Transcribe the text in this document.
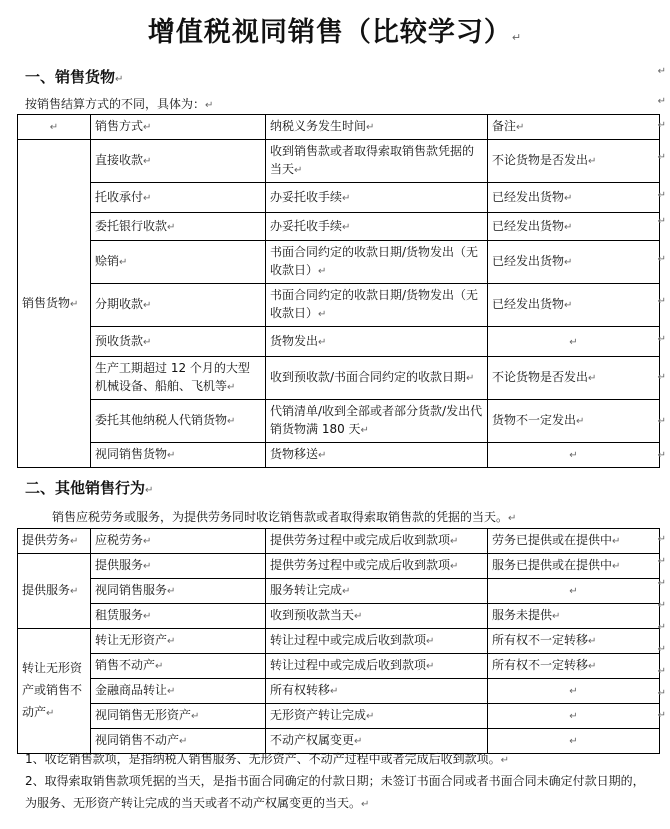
增值税视同销售（比较学习）↵
一、销售货物↵
按销售结算方式的不同，具体为：↵
↵	销售方式↵	纳税义务发生时间↵	备注↵
销售货物↵	直接收款↵	收到销售款或者取得索取销售款凭据的当天↵	不论货物是否发出↵
	托收承付↵	办妥托收手续↵	已经发出货物↵
	委托银行收款↵	办妥托收手续↵	已经发出货物↵
	赊销↵	书面合同约定的收款日期/货物发出（无收款日）↵	已经发出货物↵
	分期收款↵	书面合同约定的收款日期/货物发出（无收款日）↵	已经发出货物↵
	预收货款↵	货物发出↵	↵
	生产工期超过 12 个月的大型机械设备、船舶、飞机等↵	收到预收款/书面合同约定的收款日期↵	不论货物是否发出↵
	委托其他纳税人代销货物↵	代销清单/收到全部或者部分货款/发出代销货物满 180 天↵	货物不一定发出↵
	视同销售货物↵	货物移送↵	↵
二、其他销售行为↵
销售应税劳务或服务，为提供劳务同时收讫销售款或者取得索取销售款的凭据的当天。↵
提供劳务↵	应税劳务↵	提供劳务过程中或完成后收到款项↵	劳务已提供或在提供中↵
提供服务↵	提供服务↵	提供劳务过程中或完成后收到款项↵	服务已提供或在提供中↵
	视同销售服务↵	服务转让完成↵	↵
	租赁服务↵	收到预收款当天↵	服务未提供↵
转让无形资产或销售不动产↵	转让无形资产↵	转让过程中或完成后收到款项↵	所有权不一定转移↵
	销售不动产↵	转让过程中或完成后收到款项↵	所有权不一定转移↵
	金融商品转让↵	所有权转移↵	↵
	视同销售无形资产↵	无形资产转让完成↵	↵
	视同销售不动产↵	不动产权属变更↵	↵
1、收讫销售款项，是指纳税人销售服务、无形资产、不动产过程中或者完成后收到款项。↵
2、取得索取销售款项凭据的当天，是指书面合同确定的付款日期；未签订书面合同或者书面合同未确定付款日期的，为服务、无形资产转让完成的当天或者不动产权属变更的当天。↵
↵
↵
↵
↵
↵
↵
↵
↵
↵
↵
↵
↵
↵
↵
↵
↵
↵
↵
↵
↵
↵
